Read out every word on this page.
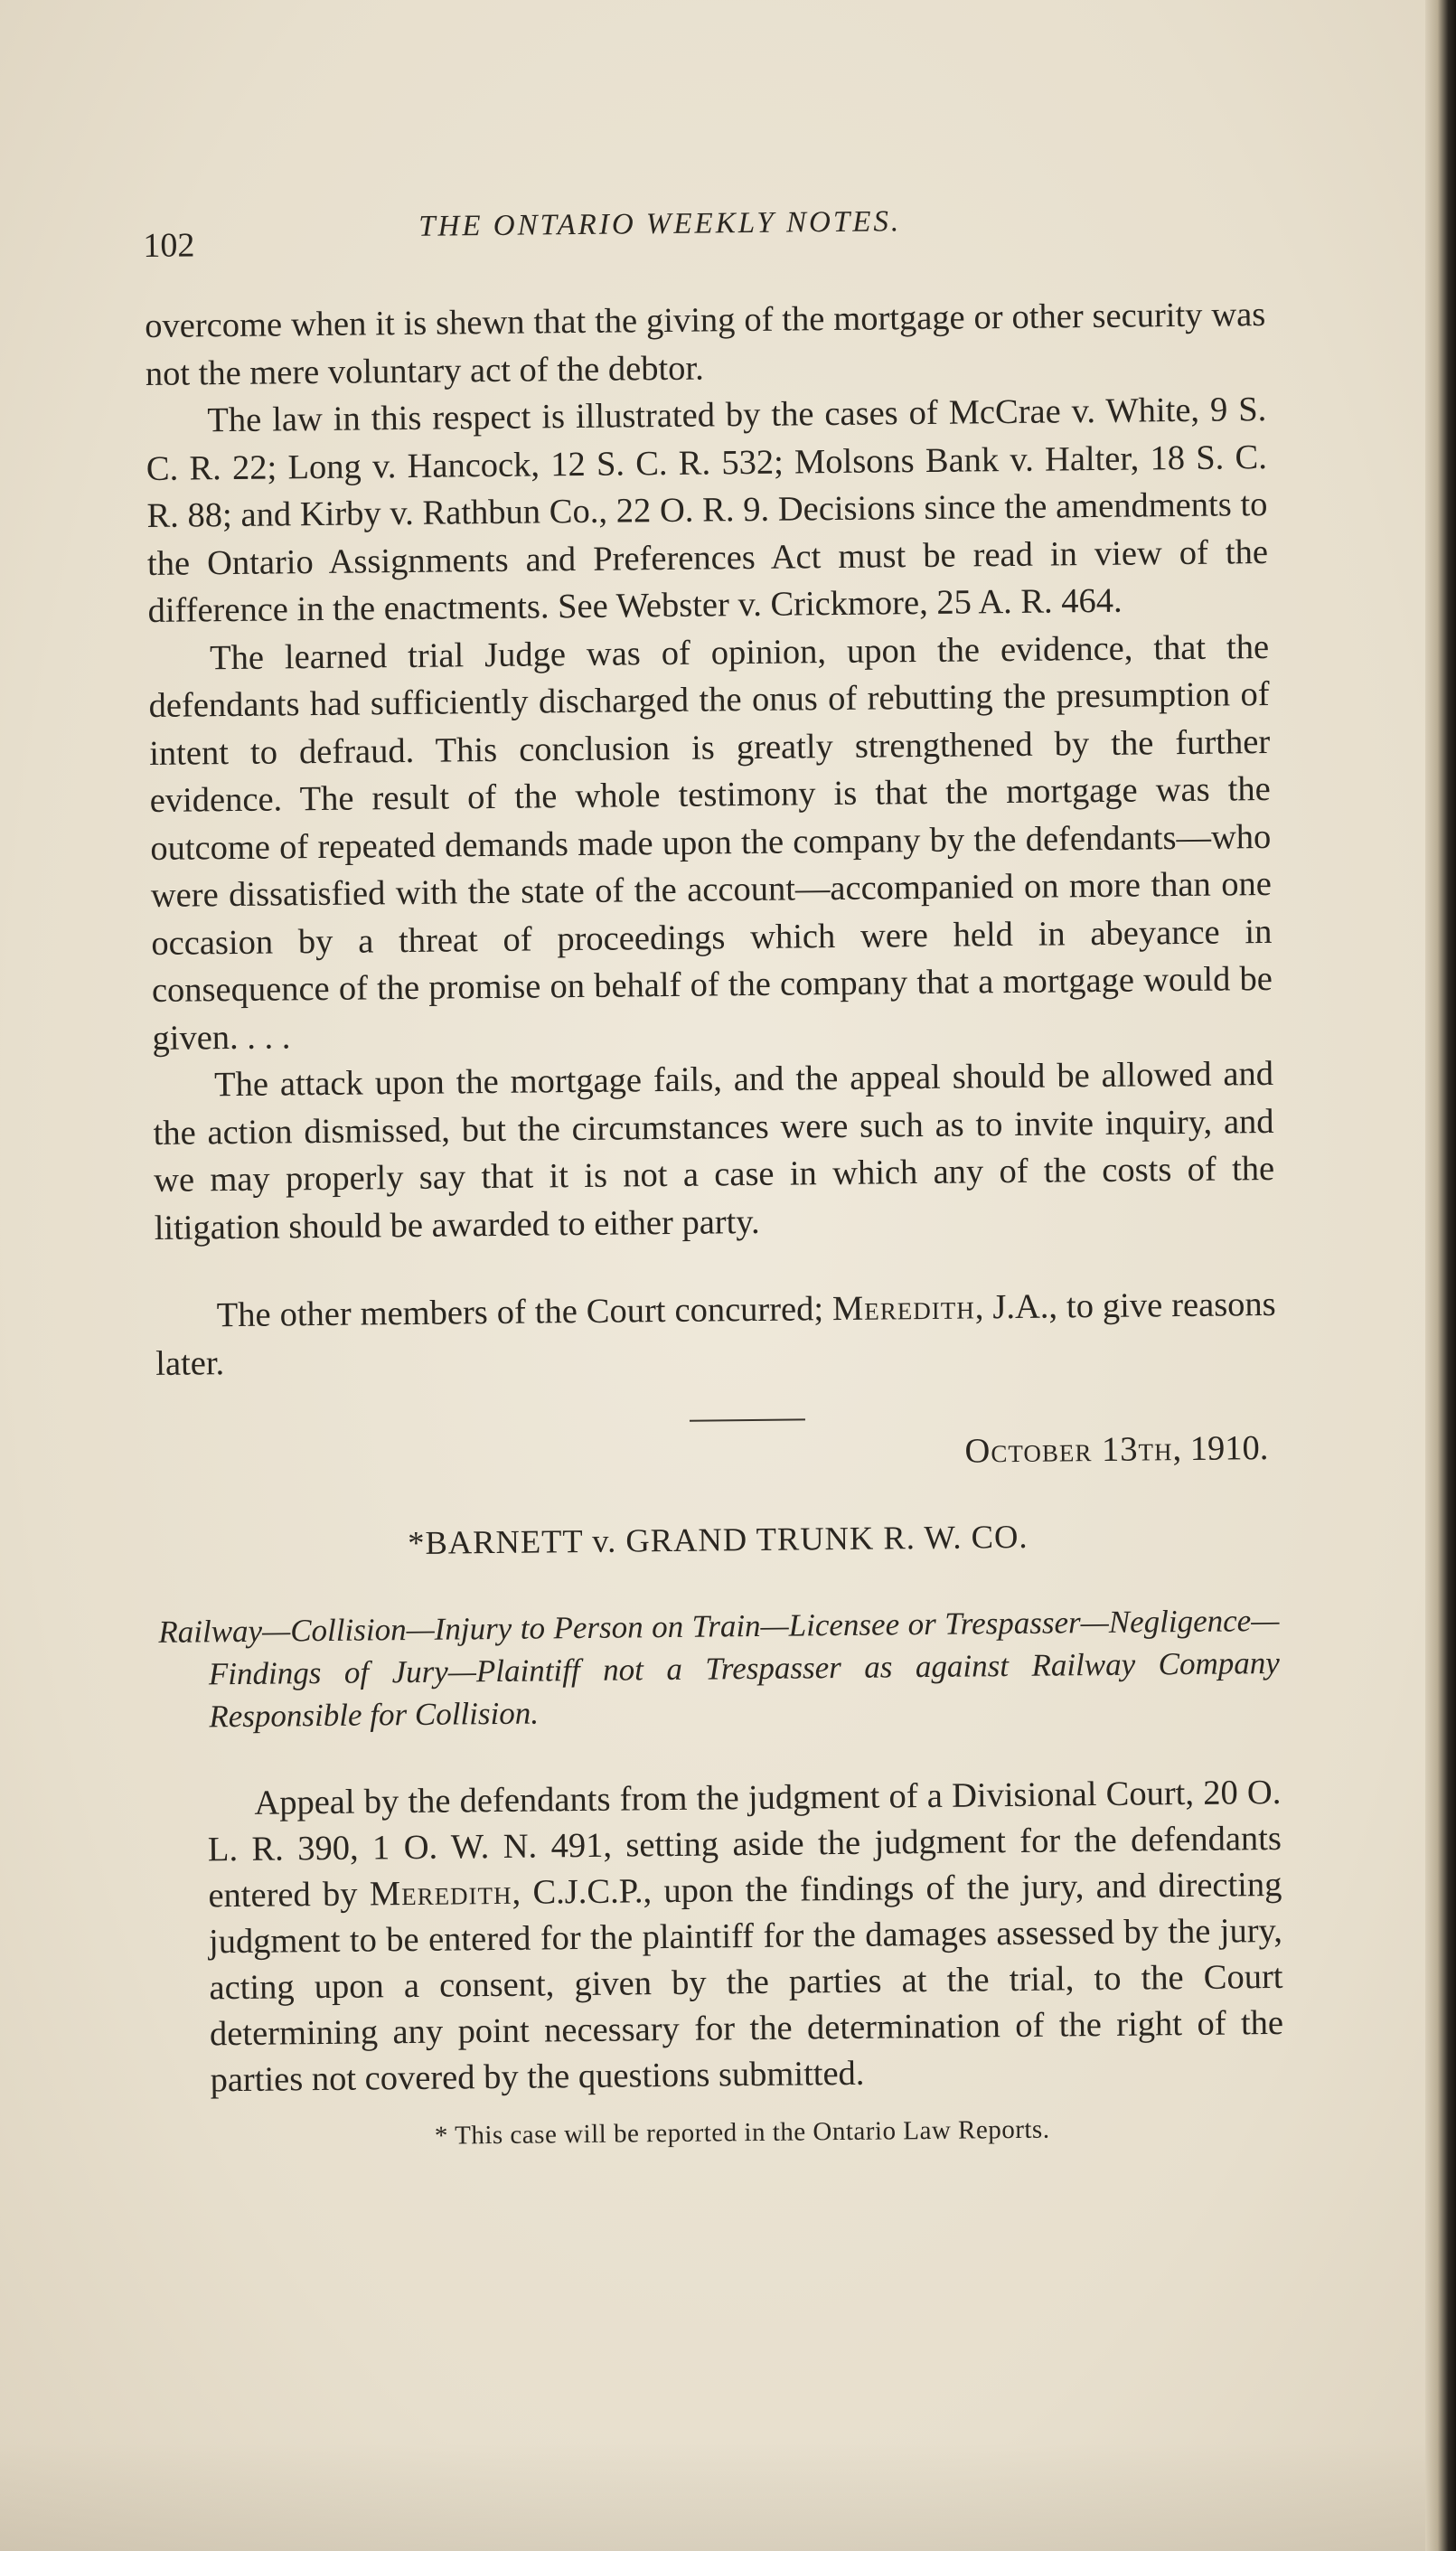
102
THE ONTARIO WEEKLY NOTES.

overcome when it is shewn that the giving of the mortgage or other security was not the mere voluntary act of the debtor.

The law in this respect is illustrated by the cases of McCrae v. White, 9 S. C. R. 22; Long v. Hancock, 12 S. C. R. 532; Molsons Bank v. Halter, 18 S. C. R. 88; and Kirby v. Rathbun Co., 22 O. R. 9. Decisions since the amendments to the Ontario Assignments and Preferences Act must be read in view of the difference in the enactments. See Webster v. Crickmore, 25 A. R. 464.

The learned trial Judge was of opinion, upon the evidence, that the defendants had sufficiently discharged the onus of rebutting the presumption of intent to defraud. This conclusion is greatly strengthened by the further evidence. The result of the whole testimony is that the mortgage was the outcome of repeated demands made upon the company by the defendants—who were dissatisfied with the state of the account—accompanied on more than one occasion by a threat of proceedings which were held in abeyance in consequence of the promise on behalf of the company that a mortgage would be given. . . .

The attack upon the mortgage fails, and the appeal should be allowed and the action dismissed, but the circumstances were such as to invite inquiry, and we may properly say that it is not a case in which any of the costs of the litigation should be awarded to either party.

The other members of the Court concurred; Meredith, J.A., to give reasons later.

October 13th, 1910.
*BARNETT v. GRAND TRUNK R. W. CO.
Railway—Collision—Injury to Person on Train—Licensee or Trespasser—Negligence—Findings of Jury—Plaintiff not a Trespasser as against Railway Company Responsible for Collision.
Appeal by the defendants from the judgment of a Divisional Court, 20 O. L. R. 390, 1 O. W. N. 491, setting aside the judgment for the defendants entered by Meredith, C.J.C.P., upon the findings of the jury, and directing judgment to be entered for the plaintiff for the damages assessed by the jury, acting upon a consent, given by the parties at the trial, to the Court determining any point necessary for the determination of the right of the parties not covered by the questions submitted.
* This case will be reported in the Ontario Law Reports.
